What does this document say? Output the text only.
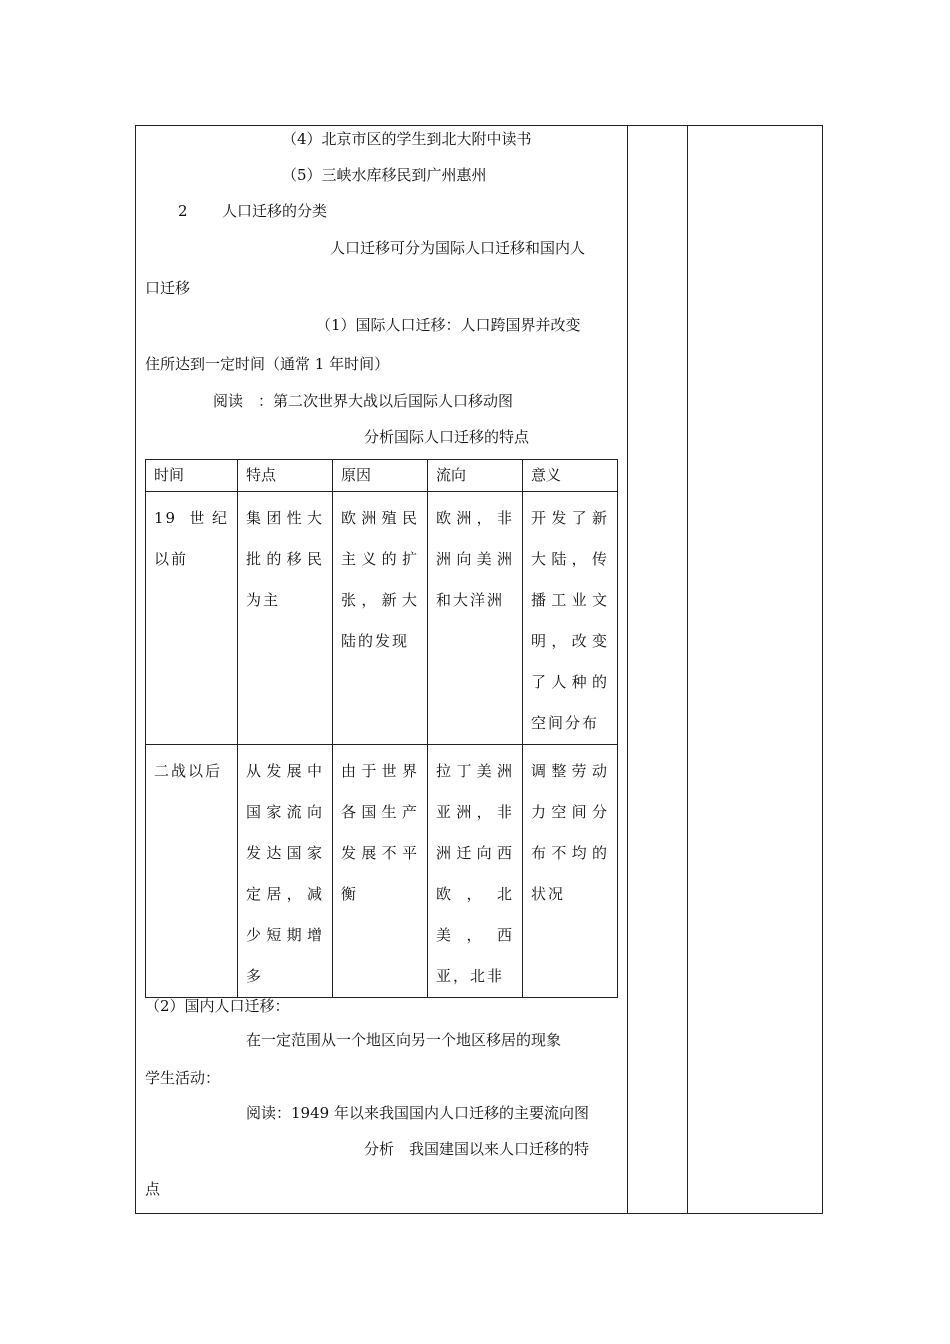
（4）北京市区的学生到北大附中读书
（5）三峡水库移民到广州惠州
2 人口迁移的分类
人口迁移可分为国际人口迁移和国内人
口迁移
（1）国际人口迁移：人口跨国界并改变
住所达到一定时间（通常 1 年时间）
阅读　：第二次世界大战以后国际人口移动图
分析国际人口迁移的特点
时间	特点	原因	流向	意义

19 世纪以前	集团性大批的移民为主	欧洲殖民主义的扩张，新大陆的发现	欧洲，非洲向美洲和大洋洲	开发了新大陆，传播工业文明，改变了人种的空间分布

二战以后	从发展中国家流向发达国家定居，减少短期增多	由于世界各国生产发展不平衡	拉丁美洲亚洲，非洲迁向西欧，北美，西亚，北非	调整劳动力空间分布不均的状况
（2）国内人口迁移：
在一定范围从一个地区向另一个地区移居的现象
学生活动：
阅读：1949 年以来我国国内人口迁移的主要流向图
分析　我国建国以来人口迁移的特
点
